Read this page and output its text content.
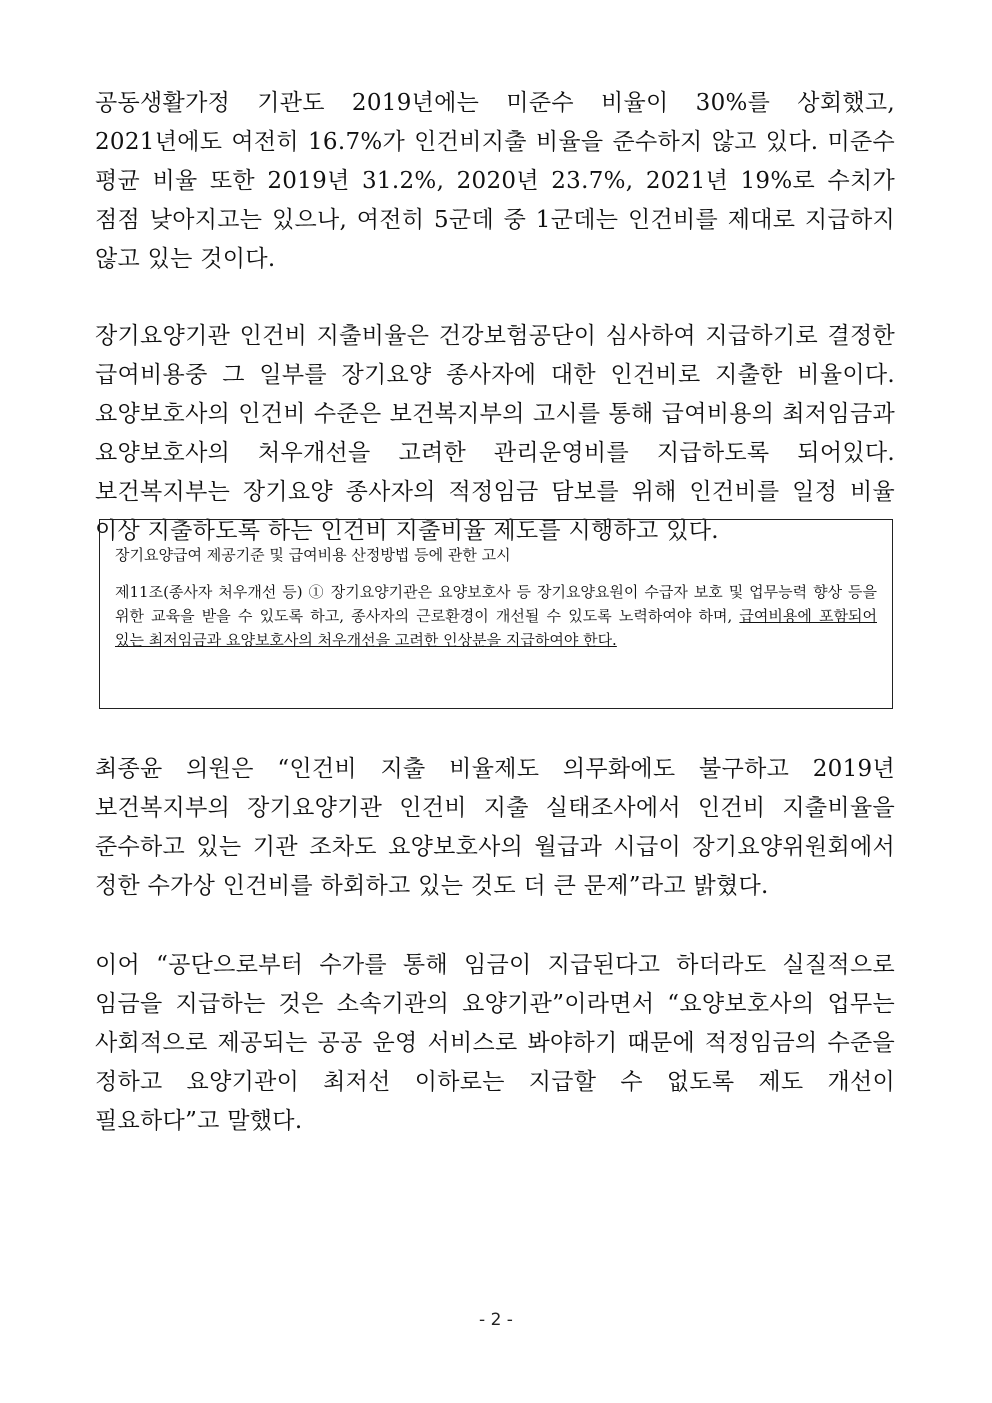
공동생활가정 기관도 2019년에는 미준수 비율이 30%를 상회했고, 2021년에도 여전히 16.7%가 인건비지출 비율을 준수하지 않고 있다. 미준수 평균 비율 또한 2019년 31.2%, 2020년 23.7%, 2021년 19%로 수치가 점점 낮아지고는 있으나, 여전히 5군데 중 1군데는 인건비를 제대로 지급하지 않고 있는 것이다.

장기요양기관 인건비 지출비율은 건강보험공단이 심사하여 지급하기로 결정한 급여비용중 그 일부를 장기요양 종사자에 대한 인건비로 지출한 비율이다. 요양보호사의 인건비 수준은 보건복지부의 고시를 통해 급여비용의 최저임금과 요양보호사의 처우개선을 고려한 관리운영비를 지급하도록 되어있다. 보건복지부는 장기요양 종사자의 적정임금 담보를 위해 인건비를 일정 비율 이상 지출하도록 하는 인건비 지출비율 제도를 시행하고 있다.

장기요양급여 제공기준 및 급여비용 산정방법 등에 관한 고시

제11조(종사자 처우개선 등) ① 장기요양기관은 요양보호사 등 장기요양요원이 수급자 보호 및 업무능력 향상 등을 위한 교육을 받을 수 있도록 하고, 종사자의 근로환경이 개선될 수 있도록 노력하여야 하며, 급여비용에 포함되어 있는 최저임금과 요양보호사의 처우개선을 고려한 인상분을 지급하여야 한다.

최종윤 의원은 “인건비 지출 비율제도 의무화에도 불구하고 2019년 보건복지부의 장기요양기관 인건비 지출 실태조사에서 인건비 지출비율을 준수하고 있는 기관 조차도 요양보호사의 월급과 시급이 장기요양위원회에서 정한 수가상 인건비를 하회하고 있는 것도 더 큰 문제”라고 밝혔다.

이어 “공단으로부터 수가를 통해 임금이 지급된다고 하더라도 실질적으로 임금을 지급하는 것은 소속기관의 요양기관”이라면서 “요양보호사의 업무는 사회적으로 제공되는 공공 운영 서비스로 봐야하기 때문에 적정임금의 수준을 정하고 요양기관이 최저선 이하로는 지급할 수 없도록 제도 개선이 필요하다”고 말했다.

- 2 -
